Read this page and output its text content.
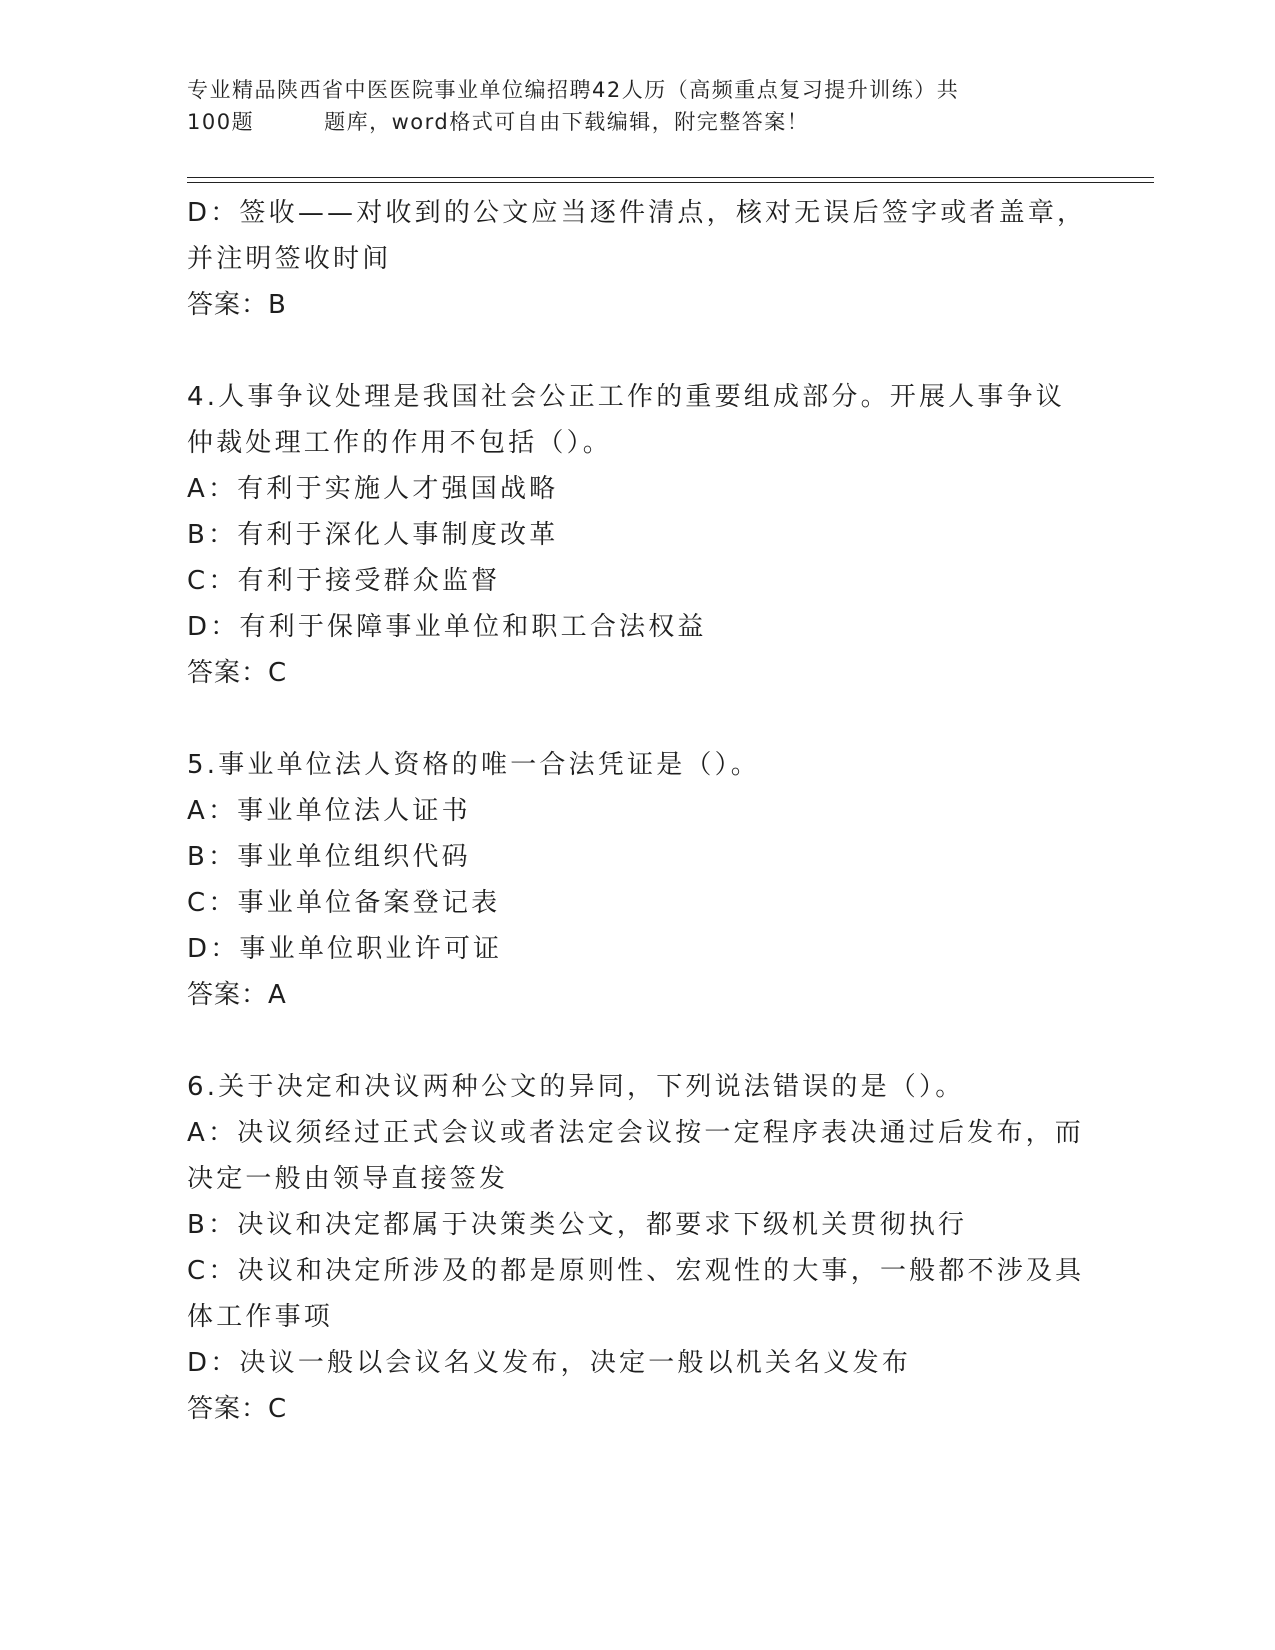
专业精品陕西省中医医院事业单位编招聘42人历（高频重点复习提升训练）共
100题	题库，word格式可自由下载编辑，附完整答案！
D：签收——对收到的公文应当逐件清点，核对无误后签字或者盖章，
并注明签收时间
答案：B
4.人事争议处理是我国社会公正工作的重要组成部分。开展人事争议
仲裁处理工作的作用不包括（）。
A：有利于实施人才强国战略
B：有利于深化人事制度改革
C：有利于接受群众监督
D：有利于保障事业单位和职工合法权益
答案：C
5.事业单位法人资格的唯一合法凭证是（）。
A：事业单位法人证书
B：事业单位组织代码
C：事业单位备案登记表
D：事业单位职业许可证
答案：A
6.关于决定和决议两种公文的异同，下列说法错误的是（）。
A：决议须经过正式会议或者法定会议按一定程序表决通过后发布，而
决定一般由领导直接签发
B：决议和决定都属于决策类公文，都要求下级机关贯彻执行
C：决议和决定所涉及的都是原则性、宏观性的大事，一般都不涉及具
体工作事项
D：决议一般以会议名义发布，决定一般以机关名义发布
答案：C
